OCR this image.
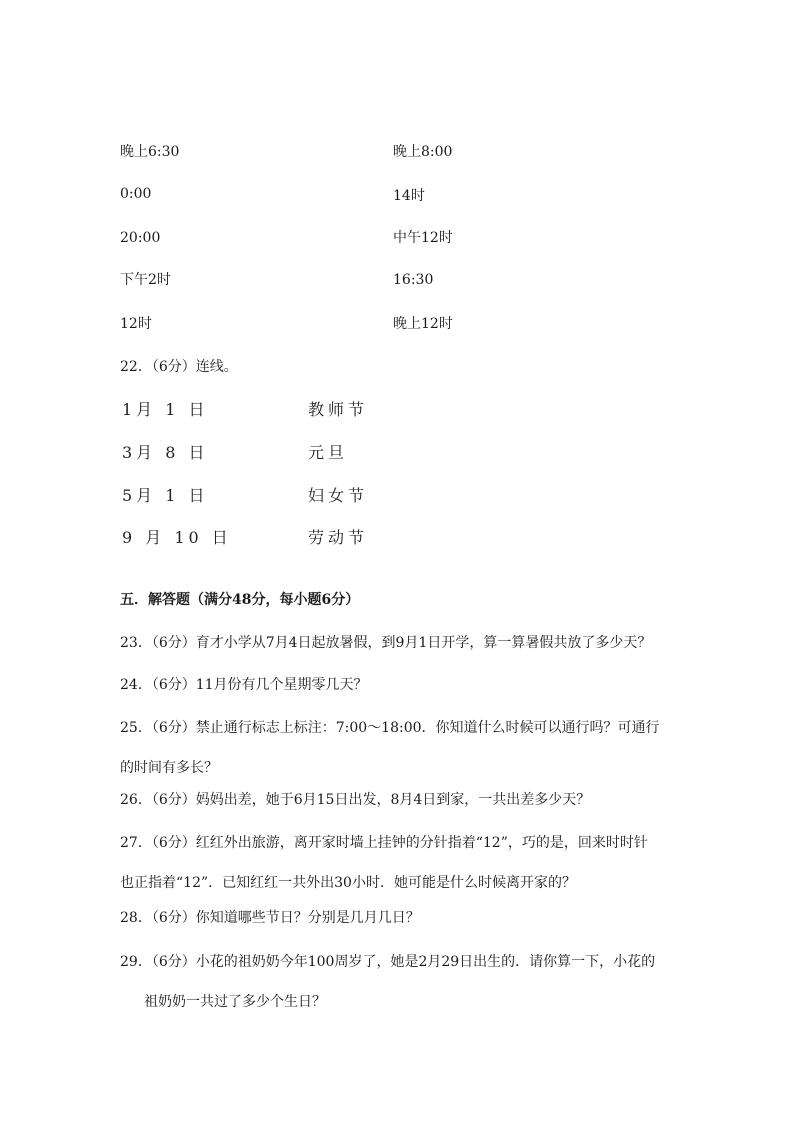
晚上6:30	晚上8:00
0:00	14时
20:00	中午12时
下午2时	16:30
12时	晚上12时
22．（6分）连线。
1月 1 日	教师节
3月 8 日	元旦
5月 1 日	妇女节
9 月 10 日	劳动节
五．解答题（满分48分，每小题6分）
23．（6分）育才小学从7月4日起放暑假，到9月1日开学，算一算暑假共放了多少天？
24．（6分）11月份有几个星期零几天？
25．（6分）禁止通行标志上标注：7:00～18:00．你知道什么时候可以通行吗？可通行
的时间有多长？
26．（6分）妈妈出差，她于6月15日出发，8月4日到家，一共出差多少天？
27．（6分）红红外出旅游，离开家时墙上挂钟的分针指着“12”，巧的是，回来时时针
也正指着“12”．已知红红一共外出30小时．她可能是什么时候离开家的？
28．（6分）你知道哪些节日？分别是几月几日？
29．（6分）小花的祖奶奶今年100周岁了，她是2月29日出生的．请你算一下，小花的
祖奶奶一共过了多少个生日？
